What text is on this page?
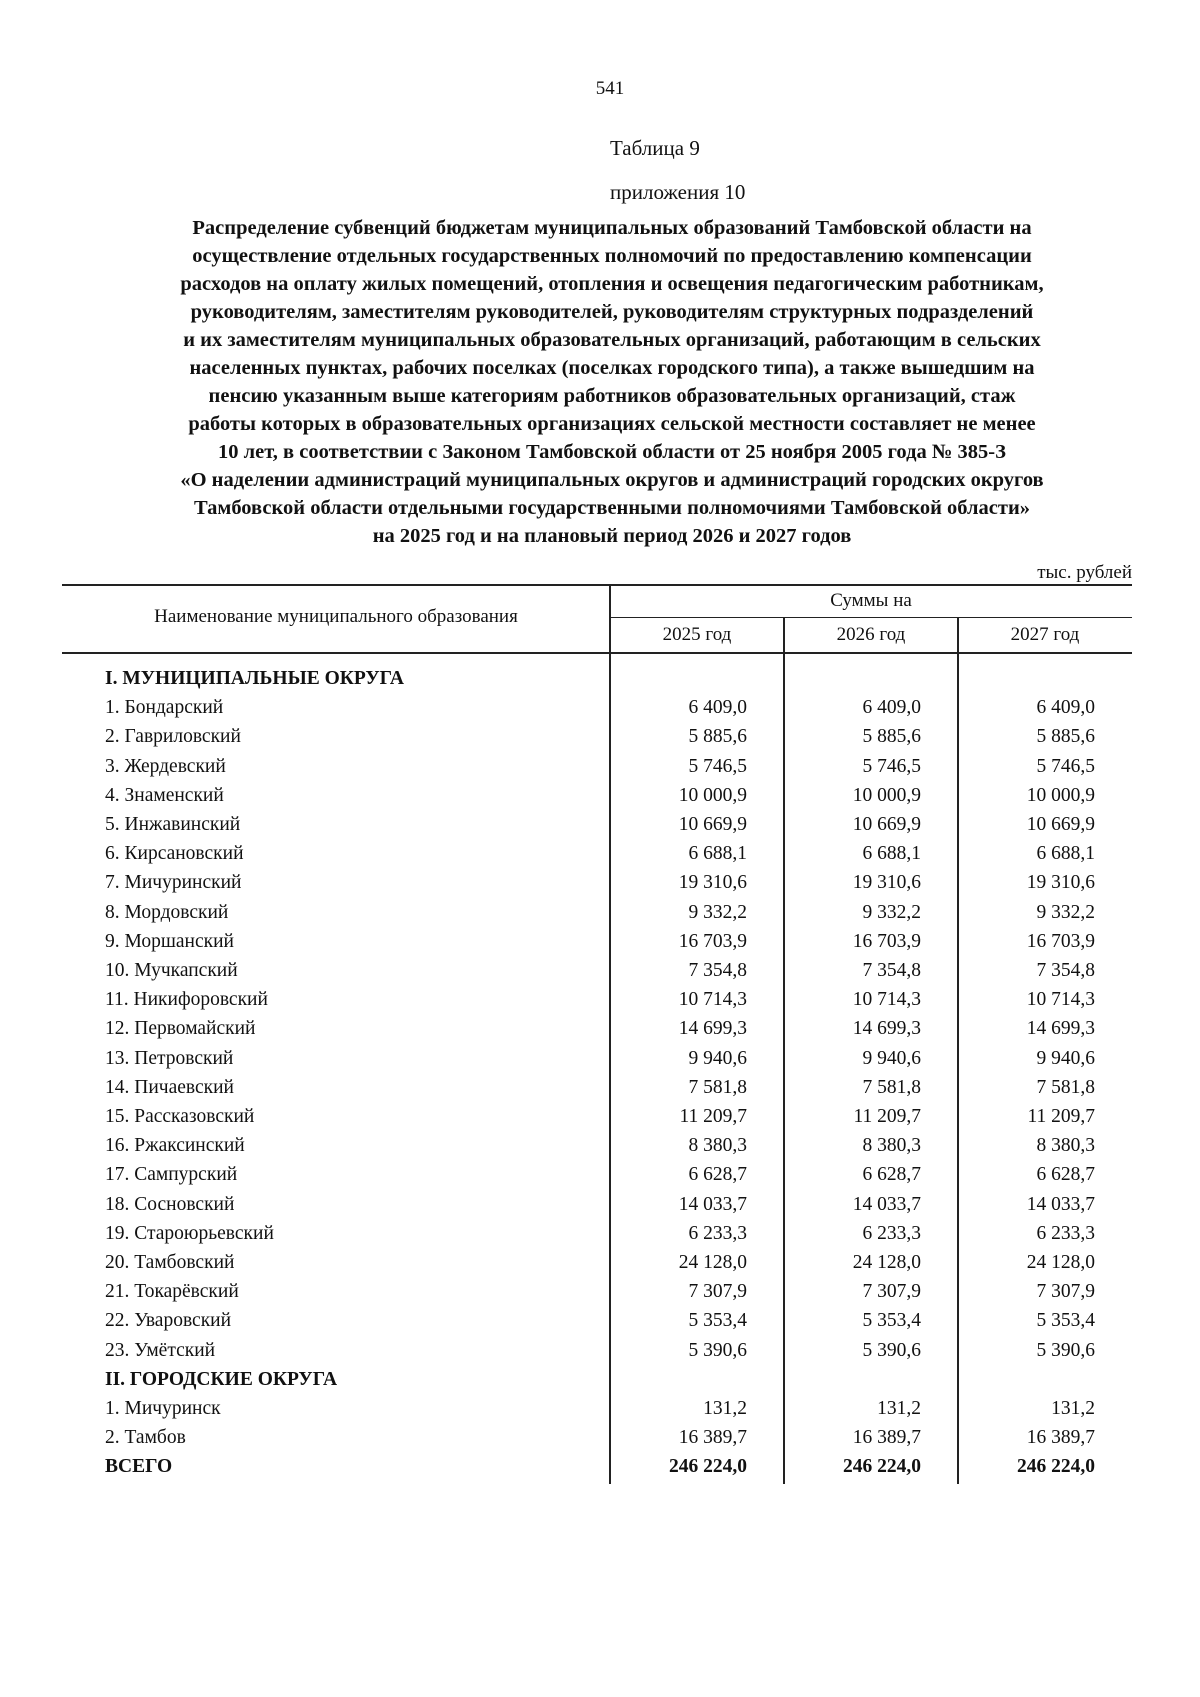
541
Таблица 9
приложения 10
Распределение субвенций бюджетам муниципальных образований Тамбовской области на
осуществление отдельных государственных полномочий по предоставлению компенсации
расходов на оплату жилых помещений, отопления и освещения педагогическим работникам,
руководителям, заместителям руководителей, руководителям структурных подразделений
и их заместителям муниципальных образовательных организаций, работающим в сельских
населенных пунктах, рабочих поселках (поселках городского типа), а также вышедшим на
пенсию указанным выше категориям работников образовательных организаций, стаж
работы которых в образовательных организациях сельской местности составляет не менее
10 лет, в соответствии с Законом Тамбовской области от 25 ноября 2005 года № 385-З
«О наделении администраций муниципальных округов и администраций городских округов
Тамбовской области отдельными государственными полномочиями Тамбовской области»
на 2025 год и на плановый период 2026 и 2027 годов
тыс. рублей
Наименование муниципального образования
Суммы на
2025 год	2026 год	2027 год
I. МУНИЦИПАЛЬНЫЕ ОКРУГА
1. Бондарский	6 409,0	6 409,0	6 409,0
2. Гавриловский	5 885,6	5 885,6	5 885,6
3. Жердевский	5 746,5	5 746,5	5 746,5
4. Знаменский	10 000,9	10 000,9	10 000,9
5. Инжавинский	10 669,9	10 669,9	10 669,9
6. Кирсановский	6 688,1	6 688,1	6 688,1
7. Мичуринский	19 310,6	19 310,6	19 310,6
8. Мордовский	9 332,2	9 332,2	9 332,2
9. Моршанский	16 703,9	16 703,9	16 703,9
10. Мучкапский	7 354,8	7 354,8	7 354,8
11. Никифоровский	10 714,3	10 714,3	10 714,3
12. Первомайский	14 699,3	14 699,3	14 699,3
13. Петровский	9 940,6	9 940,6	9 940,6
14. Пичаевский	7 581,8	7 581,8	7 581,8
15. Рассказовский	11 209,7	11 209,7	11 209,7
16. Ржаксинский	8 380,3	8 380,3	8 380,3
17. Сампурский	6 628,7	6 628,7	6 628,7
18. Сосновский	14 033,7	14 033,7	14 033,7
19. Староюрьевский	6 233,3	6 233,3	6 233,3
20. Тамбовский	24 128,0	24 128,0	24 128,0
21. Токарёвский	7 307,9	7 307,9	7 307,9
22. Уваровский	5 353,4	5 353,4	5 353,4
23. Умётский	5 390,6	5 390,6	5 390,6
II. ГОРОДСКИЕ ОКРУГА
1. Мичуринск	131,2	131,2	131,2
2. Тамбов	16 389,7	16 389,7	16 389,7
ВСЕГО	246 224,0	246 224,0	246 224,0
